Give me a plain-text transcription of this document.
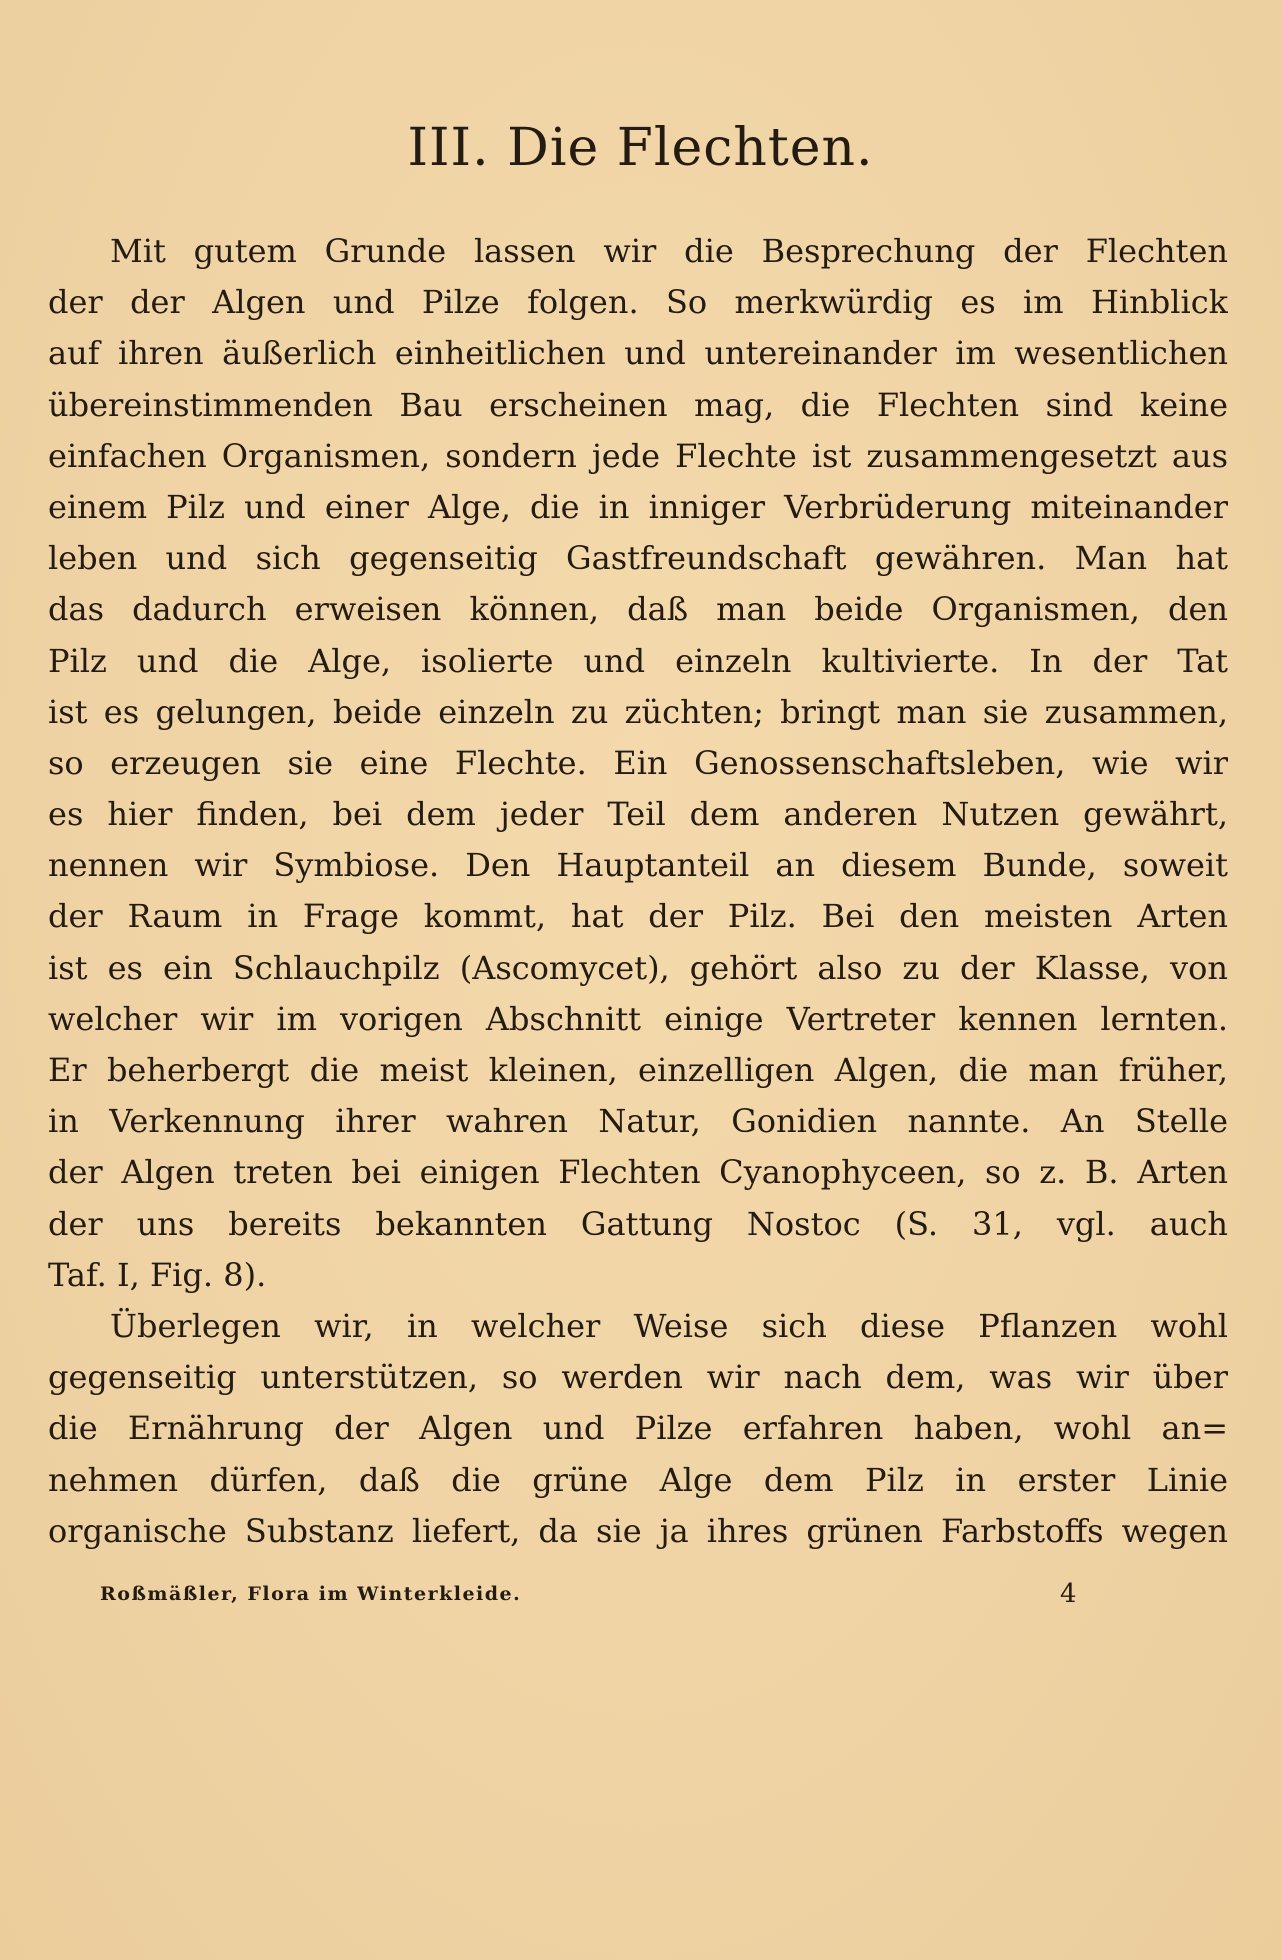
III. Die Flechten.
Mit gutem Grunde lassen wir die Besprechung der Flechten
der der Algen und Pilze folgen. So merkwürdig es im Hinblick
auf ihren äußerlich einheitlichen und untereinander im wesentlichen
übereinstimmenden Bau erscheinen mag, die Flechten sind keine
einfachen Organismen, sondern jede Flechte ist zusammengesetzt aus
einem Pilz und einer Alge, die in inniger Verbrüderung miteinander
leben und sich gegenseitig Gastfreundschaft gewähren. Man hat
das dadurch erweisen können, daß man beide Organismen, den
Pilz und die Alge, isolierte und einzeln kultivierte. In der Tat
ist es gelungen, beide einzeln zu züchten; bringt man sie zusammen,
so erzeugen sie eine Flechte. Ein Genossenschaftsleben, wie wir
es hier finden, bei dem jeder Teil dem anderen Nutzen gewährt,
nennen wir Symbiose. Den Hauptanteil an diesem Bunde, soweit
der Raum in Frage kommt, hat der Pilz. Bei den meisten Arten
ist es ein Schlauchpilz (Ascomycet), gehört also zu der Klasse, von
welcher wir im vorigen Abschnitt einige Vertreter kennen lernten.
Er beherbergt die meist kleinen, einzelligen Algen, die man früher,
in Verkennung ihrer wahren Natur, Gonidien nannte. An Stelle
der Algen treten bei einigen Flechten Cyanophyceen, so z. B. Arten
der uns bereits bekannten Gattung Nostoc (S. 31, vgl. auch
Taf. I, Fig. 8).
Überlegen wir, in welcher Weise sich diese Pflanzen wohl
gegenseitig unterstützen, so werden wir nach dem, was wir über
die Ernährung der Algen und Pilze erfahren haben, wohl an=
nehmen dürfen, daß die grüne Alge dem Pilz in erster Linie
organische Substanz liefert, da sie ja ihres grünen Farbstoffs wegen
Roßmäßler, Flora im Winterkleide.	4
